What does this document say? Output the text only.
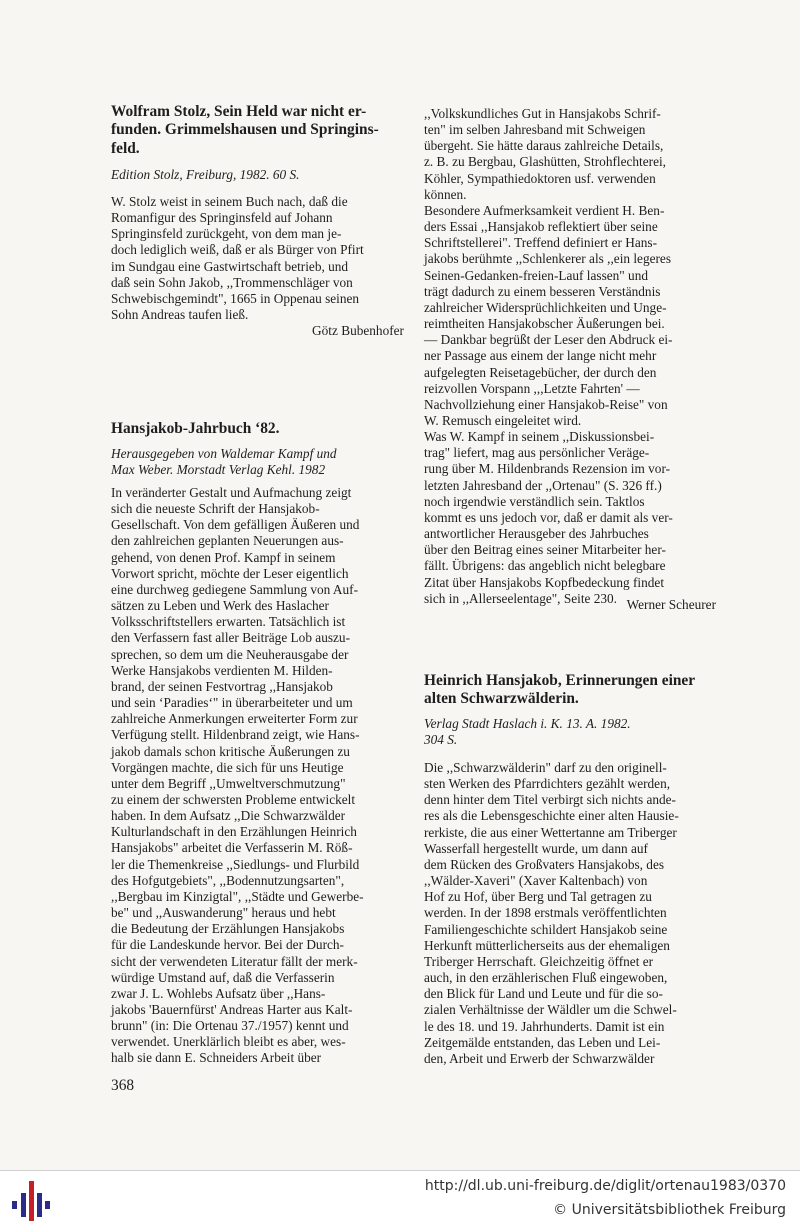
Wolfram Stolz, Sein Held war nicht er-
funden. Grimmelshausen und Springins-
feld.

Edition Stolz, Freiburg, 1982. 60 S.

W. Stolz weist in seinem Buch nach, daß die
Romanfigur des Springinsfeld auf Johann
Springinsfeld zurückgeht, von dem man je-
doch lediglich weiß, daß er als Bürger von Pfirt
im Sundgau eine Gastwirtschaft betrieb, und
daß sein Sohn Jakob, ,,Trommenschläger von
Schwebischgemindt", 1665 in Oppenau seinen
Sohn Andreas taufen ließ.

Götz Bubenhofer

Hansjakob-Jahrbuch ‘82.

Herausgegeben von Waldemar Kampf und
Max Weber. Morstadt Verlag Kehl. 1982

In veränderter Gestalt und Aufmachung zeigt
sich die neueste Schrift der Hansjakob-
Gesellschaft. Von dem gefälligen Äußeren und
den zahlreichen geplanten Neuerungen aus-
gehend, von denen Prof. Kampf in seinem
Vorwort spricht, möchte der Leser eigentlich
eine durchweg gediegene Sammlung von Auf-
sätzen zu Leben und Werk des Haslacher
Volksschriftstellers erwarten. Tatsächlich ist
den Verfassern fast aller Beiträge Lob auszu-
sprechen, so dem um die Neuherausgabe der
Werke Hansjakobs verdienten M. Hilden-
brand, der seinen Festvortrag ,,Hansjakob
und sein ‘Paradies‘" in überarbeiteter und um
zahlreiche Anmerkungen erweiterter Form zur
Verfügung stellt. Hildenbrand zeigt, wie Hans-
jakob damals schon kritische Äußerungen zu
Vorgängen machte, die sich für uns Heutige
unter dem Begriff ,,Umweltverschmutzung"
zu einem der schwersten Probleme entwickelt
haben. In dem Aufsatz ,,Die Schwarzwälder
Kulturlandschaft in den Erzählungen Heinrich
Hansjakobs" arbeitet die Verfasserin M. Röß-
ler die Themenkreise ,,Siedlungs- und Flurbild
des Hofgutgebiets", ,,Bodennutzungsarten",
,,Bergbau im Kinzigtal", ,,Städte und Gewerbe-
be" und ,,Auswanderung" heraus und hebt
die Bedeutung der Erzählungen Hansjakobs
für die Landeskunde hervor. Bei der Durch-
sicht der verwendeten Literatur fällt der merk-
würdige Umstand auf, daß die Verfasserin
zwar J. L. Wohlebs Aufsatz über ,,Hans-
jakobs 'Bauernfürst' Andreas Harter aus Kalt-
brunn" (in: Die Ortenau 37./1957) kennt und
verwendet. Unerklärlich bleibt es aber, wes-
halb sie dann E. Schneiders Arbeit über

,,Volkskundliches Gut in Hansjakobs Schrif-
ten" im selben Jahresband mit Schweigen
übergeht. Sie hätte daraus zahlreiche Details,
z. B. zu Bergbau, Glashütten, Strohflechterei,
Köhler, Sympathiedoktoren usf. verwenden
können.
Besondere Aufmerksamkeit verdient H. Ben-
ders Essai ,,Hansjakob reflektiert über seine
Schriftstellerei". Treffend definiert er Hans-
jakobs berühmte ,,Schlenkerer als ,,ein legeres
Seinen-Gedanken-freien-Lauf lassen" und
trägt dadurch zu einem besseren Verständnis
zahlreicher Widersprüchlichkeiten und Unge-
reimtheiten Hansjakobscher Äußerungen bei.
— Dankbar begrüßt der Leser den Abdruck ei-
ner Passage aus einem der lange nicht mehr
aufgelegten Reisetagebücher, der durch den
reizvollen Vorspann ,,,Letzte Fahrten' —
Nachvollziehung einer Hansjakob-Reise" von
W. Remusch eingeleitet wird.
Was W. Kampf in seinem ,,Diskussionsbei-
trag" liefert, mag aus persönlicher Veräge-
rung über M. Hildenbrands Rezension im vor-
letzten Jahresband der ,,Ortenau" (S. 326 ff.)
noch irgendwie verständlich sein. Taktlos
kommt es uns jedoch vor, daß er damit als ver-
antwortlicher Herausgeber des Jahrbuches
über den Beitrag eines seiner Mitarbeiter her-
fällt. Übrigens: das angeblich nicht belegbare
Zitat über Hansjakobs Kopfbedeckung findet
sich in ,,Allerseelentage", Seite 230. Werner Scheurer

Heinrich Hansjakob, Erinnerungen einer
alten Schwarzwälderin.

Verlag Stadt Haslach i. K. 13. A. 1982.
304 S.

Die ,,Schwarzwälderin" darf zu den originell-
sten Werken des Pfarrdichters gezählt werden,
denn hinter dem Titel verbirgt sich nichts ande-
res als die Lebensgeschichte einer alten Hausie-
rerkiste, die aus einer Wettertanne am Triberger
Wasserfall hergestellt wurde, um dann auf
dem Rücken des Großvaters Hansjakobs, des
,,Wälder-Xaveri" (Xaver Kaltenbach) von
Hof zu Hof, über Berg und Tal getragen zu
werden. In der 1898 erstmals veröffentlichten
Familiengeschichte schildert Hansjakob seine
Herkunft mütterlicherseits aus der ehemaligen
Triberger Herrschaft. Gleichzeitig öffnet er
auch, in den erzählerischen Fluß eingewoben,
den Blick für Land und Leute und für die so-
zialen Verhältnisse der Wäldler um die Schwel-
le des 18. und 19. Jahrhunderts. Damit ist ein
Zeitgemälde entstanden, das Leben und Lei-
den, Arbeit und Erwerb der Schwarzwälder

368
http://dl.ub.uni-freiburg.de/diglit/ortenau1983/0370
© Universitätsbibliothek Freiburg
